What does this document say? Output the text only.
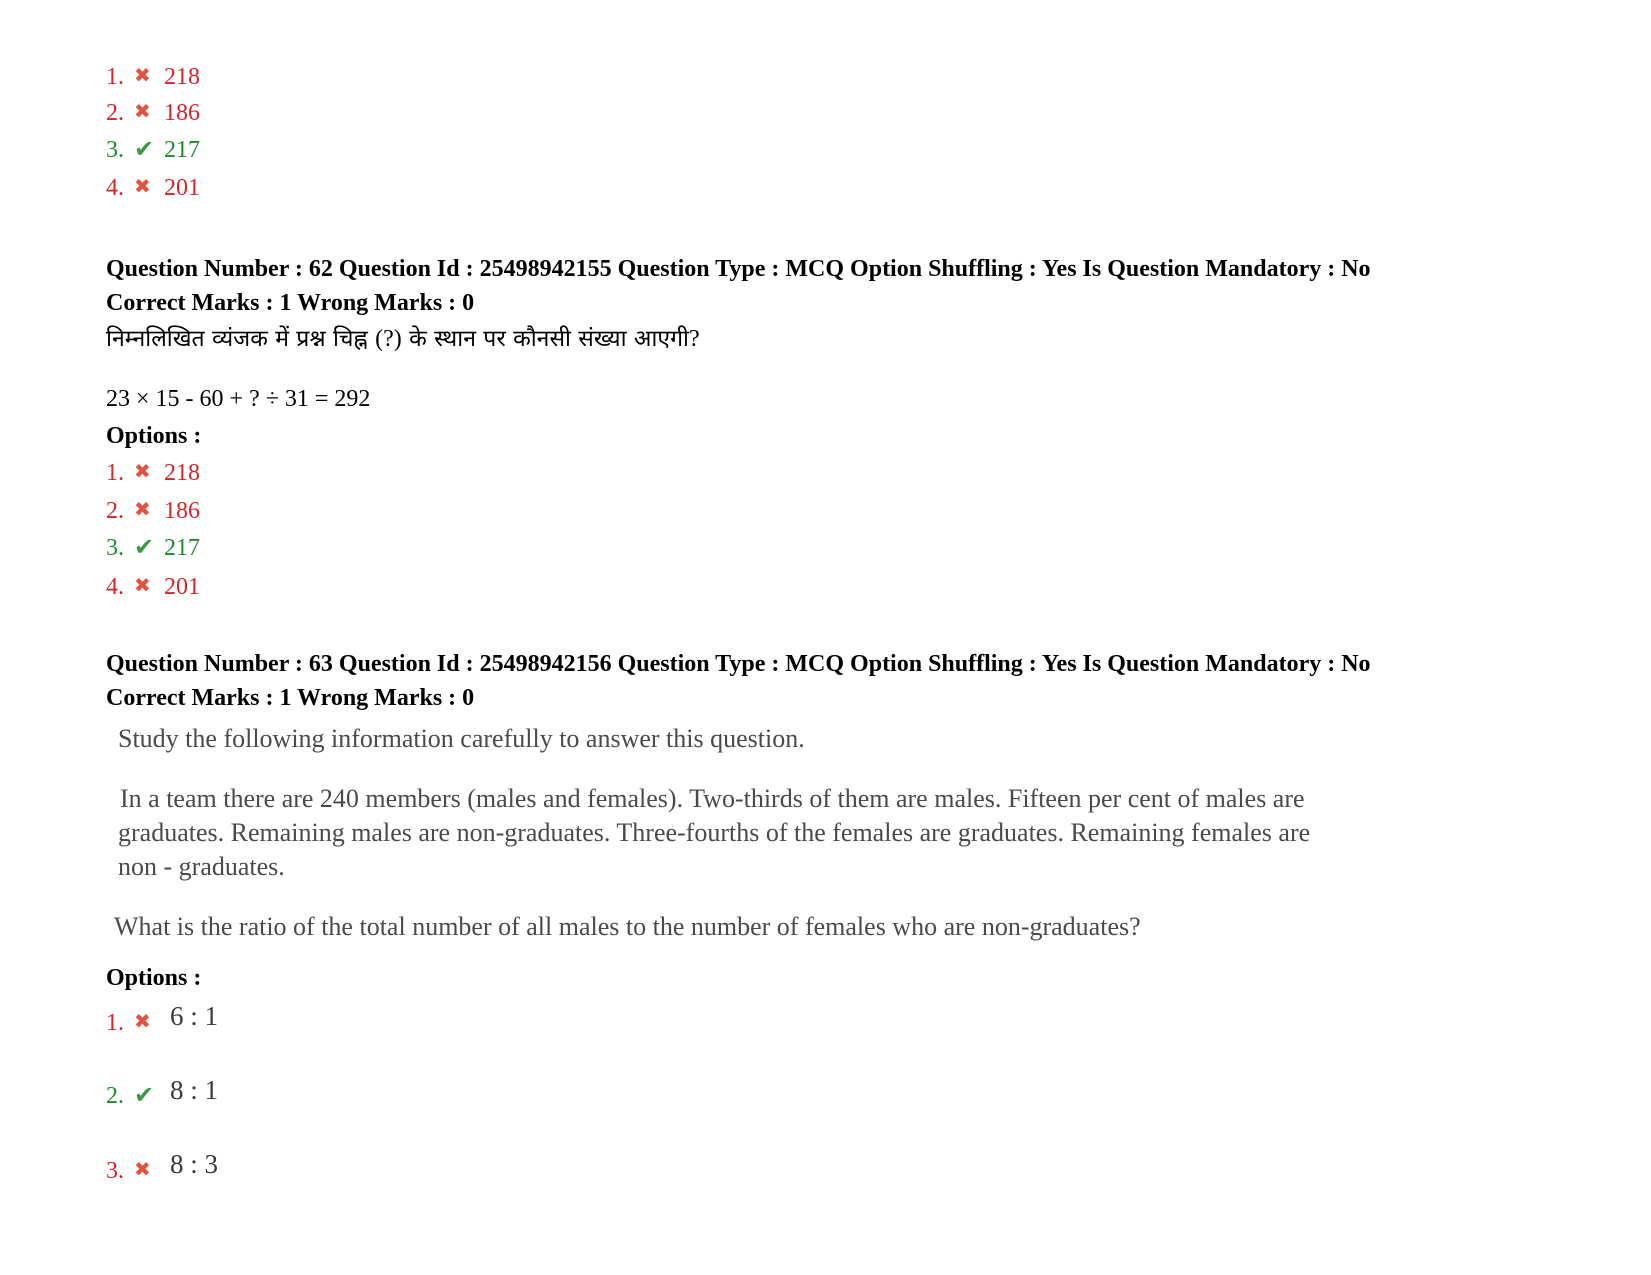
1. ✖ 218
2. ✖ 186
3. ✔ 217
4. ✖ 201
Question Number : 62 Question Id : 25498942155 Question Type : MCQ Option Shuffling : Yes Is Question Mandatory : No
Correct Marks : 1 Wrong Marks : 0
निम्नलिखित व्यंजक में प्रश्न चिह्न (?) के स्थान पर कौनसी संख्या आएगी?
23 × 15 - 60 + ? ÷ 31 = 292
Options :
1. ✖ 218
2. ✖ 186
3. ✔ 217
4. ✖ 201
Question Number : 63 Question Id : 25498942156 Question Type : MCQ Option Shuffling : Yes Is Question Mandatory : No
Correct Marks : 1 Wrong Marks : 0
Study the following information carefully to answer this question.
In a team there are 240 members (males and females). Two-thirds of them are males. Fifteen per cent of males are
graduates. Remaining males are non-graduates. Three-fourths of the females are graduates. Remaining females are
non - graduates.
What is the ratio of the total number of all males to the number of females who are non-graduates?
Options :
1. ✖ 6 : 1
2. ✔ 8 : 1
3. ✖ 8 : 3
